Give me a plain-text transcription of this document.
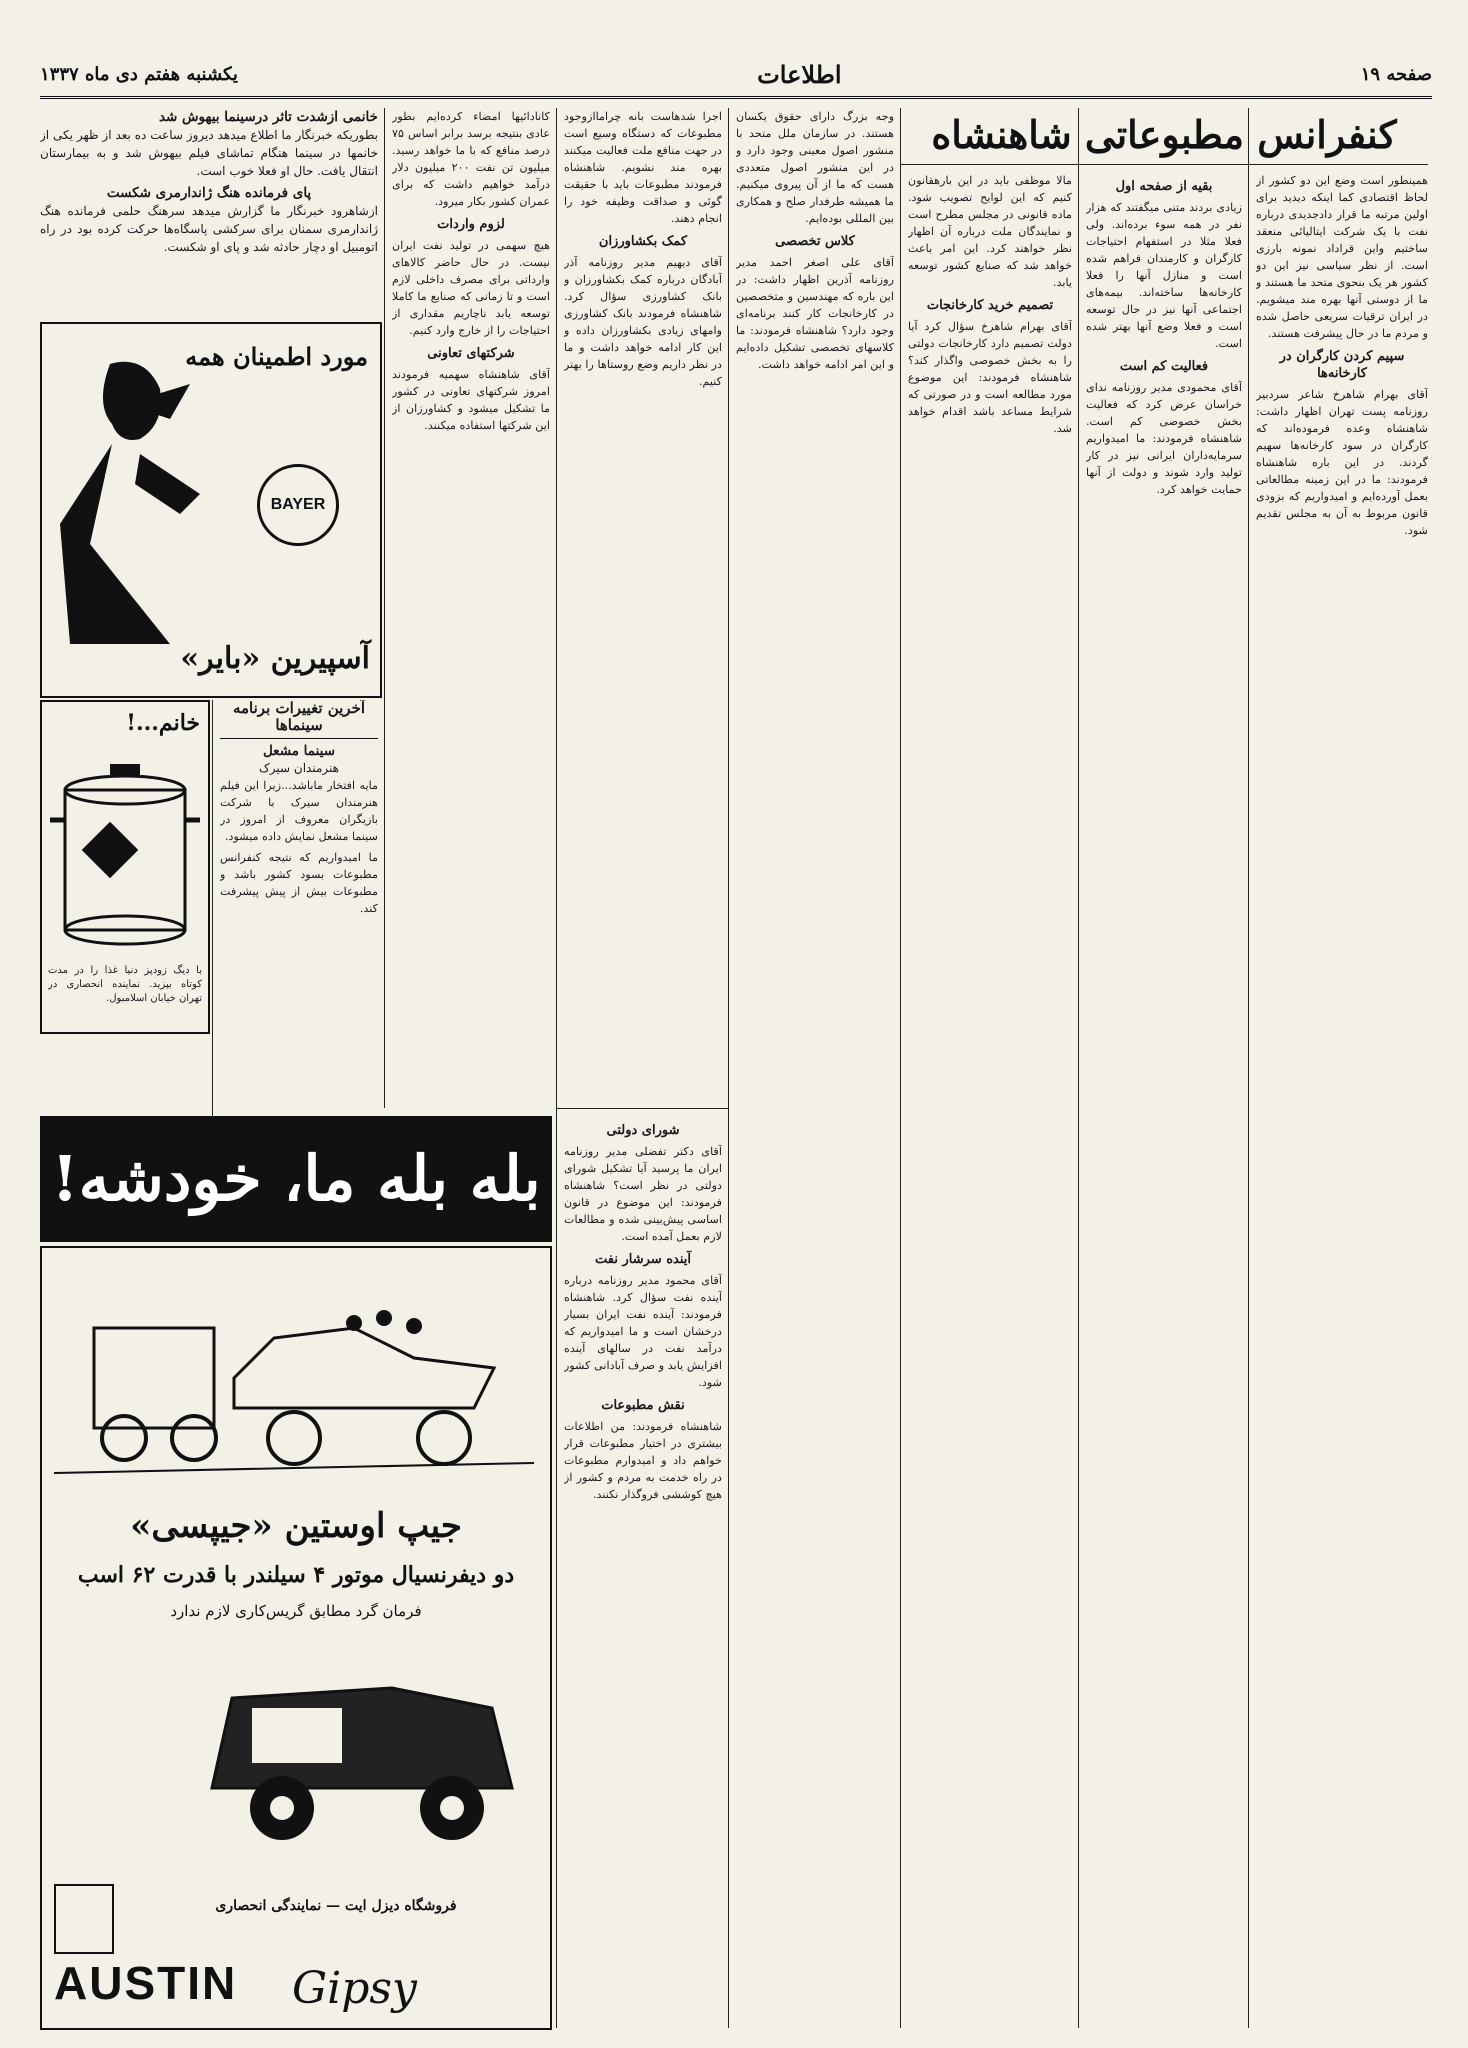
صفحه ۱۹
اطلاعات
یکشنبه هفتم دی ماه ۱۳۳۷
کنفرانس مطبوعاتی شاهنشاه

همینطور است وضع این دو کشور از لحاظ اقتصادی کما اینکه دیدید برای اولین مرتبه ما قرار دادجدیدی درباره نفت با یک شرکت ایتالیائی منعقد ساختیم واین قراداد نمونه بارزی است. از نظر سیاسی نیز این دو کشور هر یک بنحوی متحد ما هستند و ما از دوستی آنها بهره مند میشویم. در ایران ترقیات سریعی حاصل شده و مردم ما در حال پیشرفت هستند.

سپیم کردن کارگران در کارخانه‌ها

آقای بهرام شاهرخ شاعر سردبیر روزنامه پست تهران اظهار داشت: شاهنشاه وعده فرموده‌اند که کارگران در سود کارخانه‌ها سهیم گردند. در این باره شاهنشاه فرمودند: ما در این زمینه مطالعاتی بعمل آورده‌ایم و امیدواریم که بزودی قانون مربوط به آن به مجلس تقدیم شود.

بقیه از صفحه اول

زیادی بردند متنی میگفتند که هزار نفر در همه سوء برده‌اند. ولی فعلا مثلا در استفهام احتیاجات کارگران و کارمندان فراهم شده است و منازل آنها را فعلا کارخانه‌ها ساخته‌اند. بیمه‌های اجتماعی آنها نیز در حال توسعه است و فعلا وضع آنها بهتر شده است.

فعالیت کم است

آقای محمودی مدیر روزنامه ندای خراسان عرض کرد که فعالیت بخش خصوصی کم است. شاهنشاه فرمودند: ما امیدواریم سرمایه‌داران ایرانی نیز در کار تولید وارد شوند و دولت از آنها حمایت خواهد کرد.

مالا موظفی باید در این بارهقانون کنیم که این لوایح تصویب شود. ماده قانونی در مجلس مطرح است و نمایندگان ملت درباره آن اظهار نظر خواهند کرد. این امر باعث خواهد شد که صنایع کشور توسعه یابد.

تصمیم خرید کارخانجات

آقای بهرام شاهرخ سؤال کرد آیا دولت تصمیم دارد کارخانجات دولتی را به بخش خصوصی واگذار کند؟ شاهنشاه فرمودند: این موضوع مورد مطالعه است و در صورتی که شرایط مساعد باشد اقدام خواهد شد.

وجه بزرگ دارای حقوق یکسان هستند. در سازمان ملل متحد با منشور اصول معینی وجود دارد و در این منشور اصول متعددی هست که ما از آن پیروی میکنیم. ما همیشه طرفدار صلح و همکاری بین المللی بوده‌ایم.

کلاس تخصصی

آقای علی اصغر احمد مدیر روزنامه آذرین اظهار داشت: در این باره که مهندسین و متخصصین در کارخانجات کار کنند برنامه‌ای وجود دارد؟ شاهنشاه فرمودند: ما کلاسهای تخصصی تشکیل داده‌ایم و این امر ادامه خواهد داشت.

اجرا شدهاست بانه چراماازوجود مطبوعات که دستگاه وسیع است در جهت منافع ملت فعالیت میکنند بهره مند نشویم. شاهنشاه فرمودند مطبوعات باید با حقیقت گوئی و صداقت وظیفه خود را انجام دهند.

کمک بکشاورزان

آقای دیهیم مدیر روزنامه آذر آبادگان درباره کمک بکشاورزان و بانک کشاورزی سؤال کرد. شاهنشاه فرمودند بانک کشاورزی وامهای زیادی بکشاورزان داده و این کار ادامه خواهد داشت و ما در نظر داریم وضع روستاها را بهتر کنیم.

کانادائیها امضاء کرده‌ایم بطور عادی بنتیجه برسد برابر اساس ۷۵ درصد منافع که با ما خواهد رسید. میلیون تن نفت ۲۰۰ میلیون دلار درآمد خواهیم داشت که برای عمران کشور بکار میرود.

لزوم واردات

هیچ سهمی در تولید نفت ایران نیست. در حال حاضر کالاهای وارداتی برای مصرف داخلی لازم است و تا زمانی که صنایع ما کاملا توسعه یابد ناچاریم مقداری از احتیاجات را از خارج وارد کنیم.

شرکتهای تعاونی

آقای شاهنشاه سهمیه فرمودند امروز شرکتهای تعاونی در کشور ما تشکیل میشود و کشاورزان از این شرکتها استفاده میکنند.

شورای دولتی

آقای دکتر تفضلی مدیر روزنامه ایران ما پرسید آیا تشکیل شورای دولتی در نظر است؟ شاهنشاه فرمودند: این موضوع در قانون اساسی پیش‌بینی شده و مطالعات لازم بعمل آمده است.

آینده سرشار نفت

آقای محمود مدیر روزنامه درباره آینده نفت سؤال کرد. شاهنشاه فرمودند: آینده نفت ایران بسیار درخشان است و ما امیدواریم که درآمد نفت در سالهای آینده افزایش یابد و صرف آبادانی کشور شود.

نقش مطبوعات

شاهنشاه فرمودند: من اطلاعات بیشتری در اختیار مطبوعات قرار خواهم داد و امیدوارم مطبوعات در راه خدمت به مردم و کشور از هیچ کوششی فروگذار نکنند.

خانمی ازشدت تاثر درسینما بیهوش شد

بطوریکه خبرنگار ما اطلاع میدهد دیروز ساعت ده بعد از ظهر یکی از خانمها در سینما هنگام تماشای فیلم بیهوش شد و به بیمارستان انتقال یافت. حال او فعلا خوب است.

پای فرمانده هنگ ژاندارمری شکست

ازشاهرود خبرنگار ما گزارش میدهد سرهنگ حلمی فرمانده هنگ ژاندارمری سمنان برای سرکشی پاسگاه‌ها حرکت کرده بود در راه اتومبیل او دچار حادثه شد و پای او شکست.

مورد اطمینان همه
BAYER
آسپیرین «بایر»
خانم...!
با دیگ زودپز دنیا غذا را در مدت کوتاه بپزید. نماینده انحصاری در تهران خیابان اسلامبول.
آخرین تغییرات برنامه سینماها
سینما مشعل
هنرمندان سیرک

مایه افتخار ماباشد...زیرا این فیلم هنرمندان سیرک با شرکت بازیگران معروف از امروز در سینما مشعل نمایش داده میشود.

ما امیدواریم که نتیجه کنفرانس مطبوعات بسود کشور باشد و مطبوعات بیش از پیش پیشرفت کند.

بله بله ما، خودشه!
جیپ اوستین «جیپسی»
دو دیفرنسیال موتور ۴ سیلندر با قدرت ۶۲ اسب
فرمان گرد مطابق گریس‌کاری لازم ندارد
فروشگاه دیزل ایت — نمایندگی انحصاری
AUSTIN Gipsy
